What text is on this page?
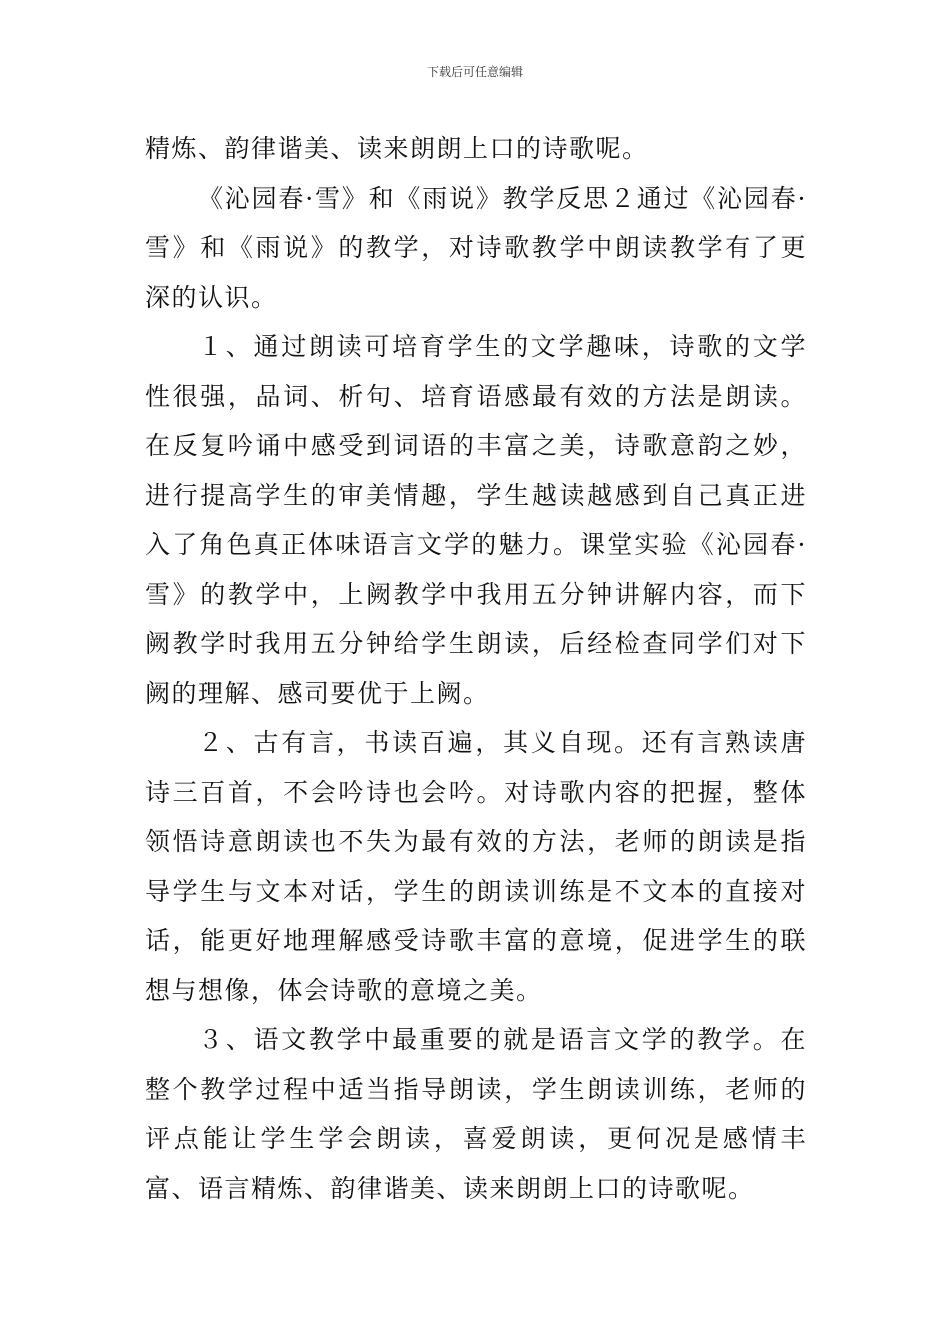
下载后可任意编辑

精炼、韵律谐美、读来朗朗上口的诗歌呢。

《沁园春·雪》和《雨说》教学反思２通过《沁园春·雪》和《雨说》的教学，对诗歌教学中朗读教学有了更深的认识。

１、通过朗读可培育学生的文学趣味，诗歌的文学性很强，品词、析句、培育语感最有效的方法是朗读。在反复吟诵中感受到词语的丰富之美，诗歌意韵之妙，进行提高学生的审美情趣，学生越读越感到自己真正进入了角色真正体味语言文学的魅力。课堂实验《沁园春·雪》的教学中，上阙教学中我用五分钟讲解内容，而下阙教学时我用五分钟给学生朗读，后经检查同学们对下阙的理解、感司要优于上阙。

２、古有言，书读百遍，其义自现。还有言熟读唐诗三百首，不会吟诗也会吟。对诗歌内容的把握，整体领悟诗意朗读也不失为最有效的方法，老师的朗读是指导学生与文本对话，学生的朗读训练是不文本的直接对话，能更好地理解感受诗歌丰富的意境，促进学生的联想与想像，体会诗歌的意境之美。

３、语文教学中最重要的就是语言文学的教学。在整个教学过程中适当指导朗读，学生朗读训练，老师的评点能让学生学会朗读，喜爱朗读，更何况是感情丰富、语言精炼、韵律谐美、读来朗朗上口的诗歌呢。
